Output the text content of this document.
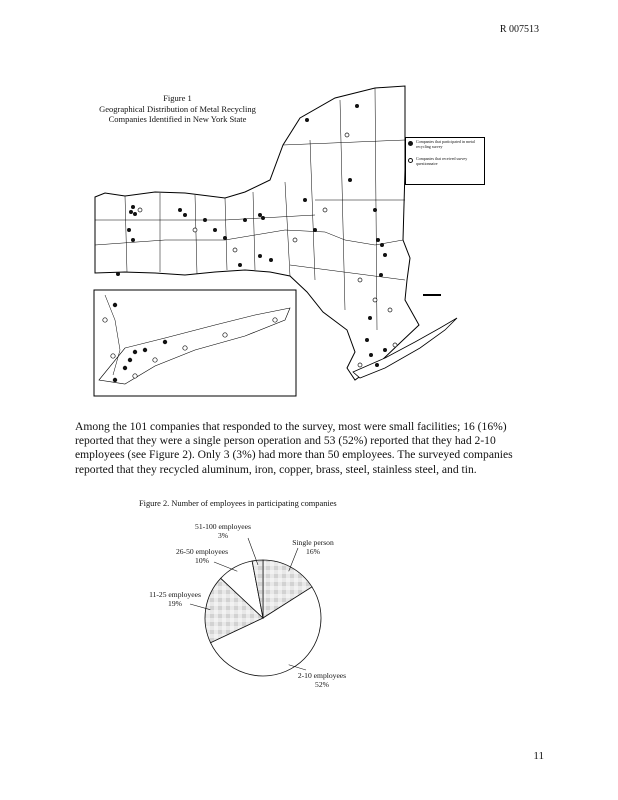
R 007513
Figure 1
Geographical Distribution of Metal Recycling
Companies Identified in New York State
Companies that participated in metal recycling survey
Companies that received survey questionnaire

Among the 101 companies that responded to the survey, most were small facilities; 16 (16%) reported that they were a single person operation and 53 (52%) reported that they had 2-10 employees (see Figure 2). Only 3 (3%) had more than 50 employees. The surveyed companies reported that they recycled aluminum, iron, copper, brass, steel, stainless steel, and tin.

Figure 2. Number of employees in participating companies
Single person
16%
2-10 employees
52%
11-25 employees
19%
26-50 employees
10%
51-100 employees
3%
11
